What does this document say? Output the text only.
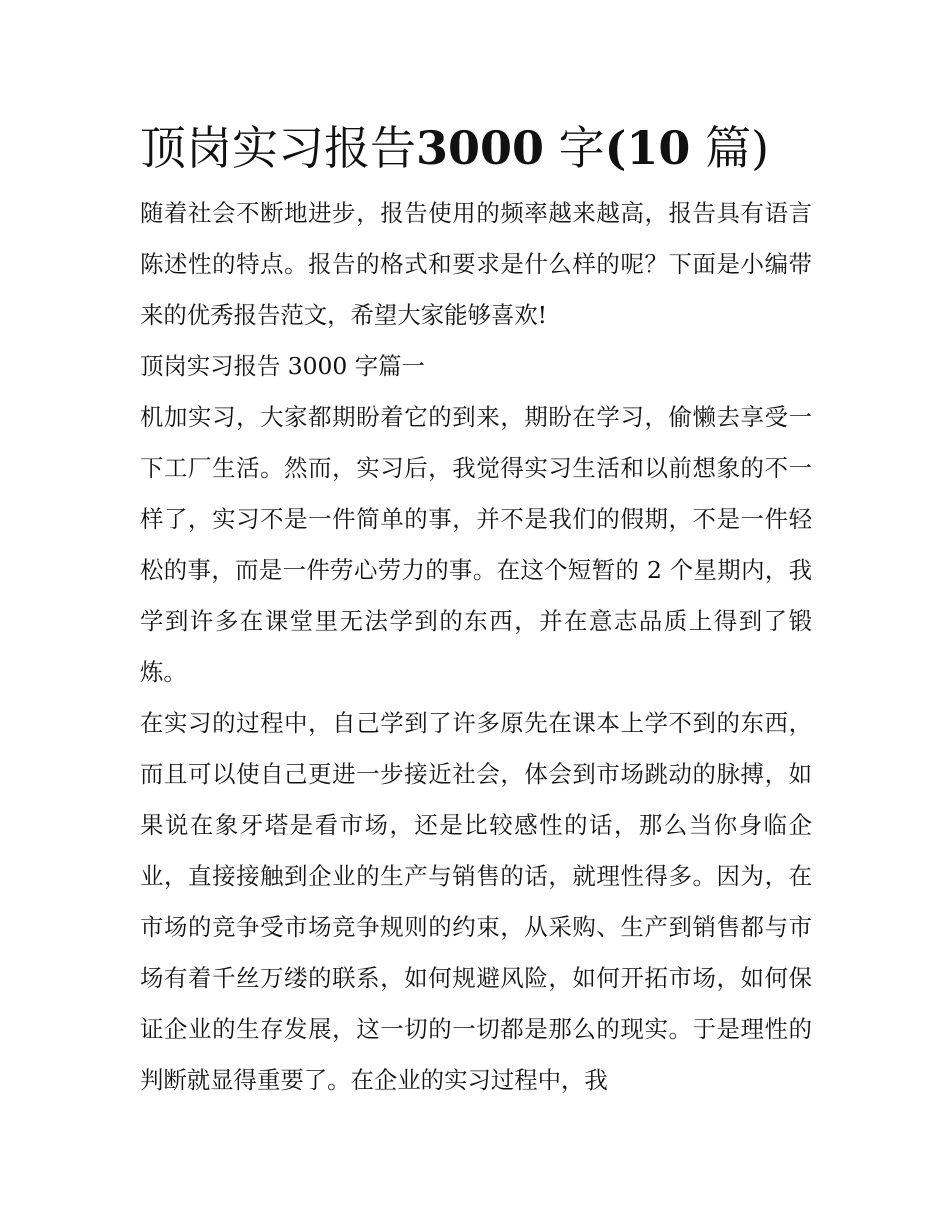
顶岗实习报告3000 字(10 篇)

随着社会不断地进步，报告使用的频率越来越高，报告具有语言陈述性的特点。报告的格式和要求是什么样的呢？下面是小编带来的优秀报告范文，希望大家能够喜欢!

顶岗实习报告 3000 字篇一

机加实习，大家都期盼着它的到来，期盼在学习，偷懒去享受一下工厂生活。然而，实习后，我觉得实习生活和以前想象的不一样了，实习不是一件简单的事，并不是我们的假期，不是一件轻松的事，而是一件劳心劳力的事。在这个短暂的 2 个星期内，我学到许多在课堂里无法学到的东西，并在意志品质上得到了锻炼。

在实习的过程中，自己学到了许多原先在课本上学不到的东西，而且可以使自己更进一步接近社会，体会到市场跳动的脉搏，如果说在象牙塔是看市场，还是比较感性的话，那么当你身临企业，直接接触到企业的生产与销售的话，就理性得多。因为，在市场的竞争受市场竞争规则的约束，从采购、生产到销售都与市场有着千丝万缕的联系，如何规避风险，如何开拓市场，如何保证企业的生存发展，这一切的一切都是那么的现实。于是理性的判断就显得重要了。在企业的实习过程中，我
